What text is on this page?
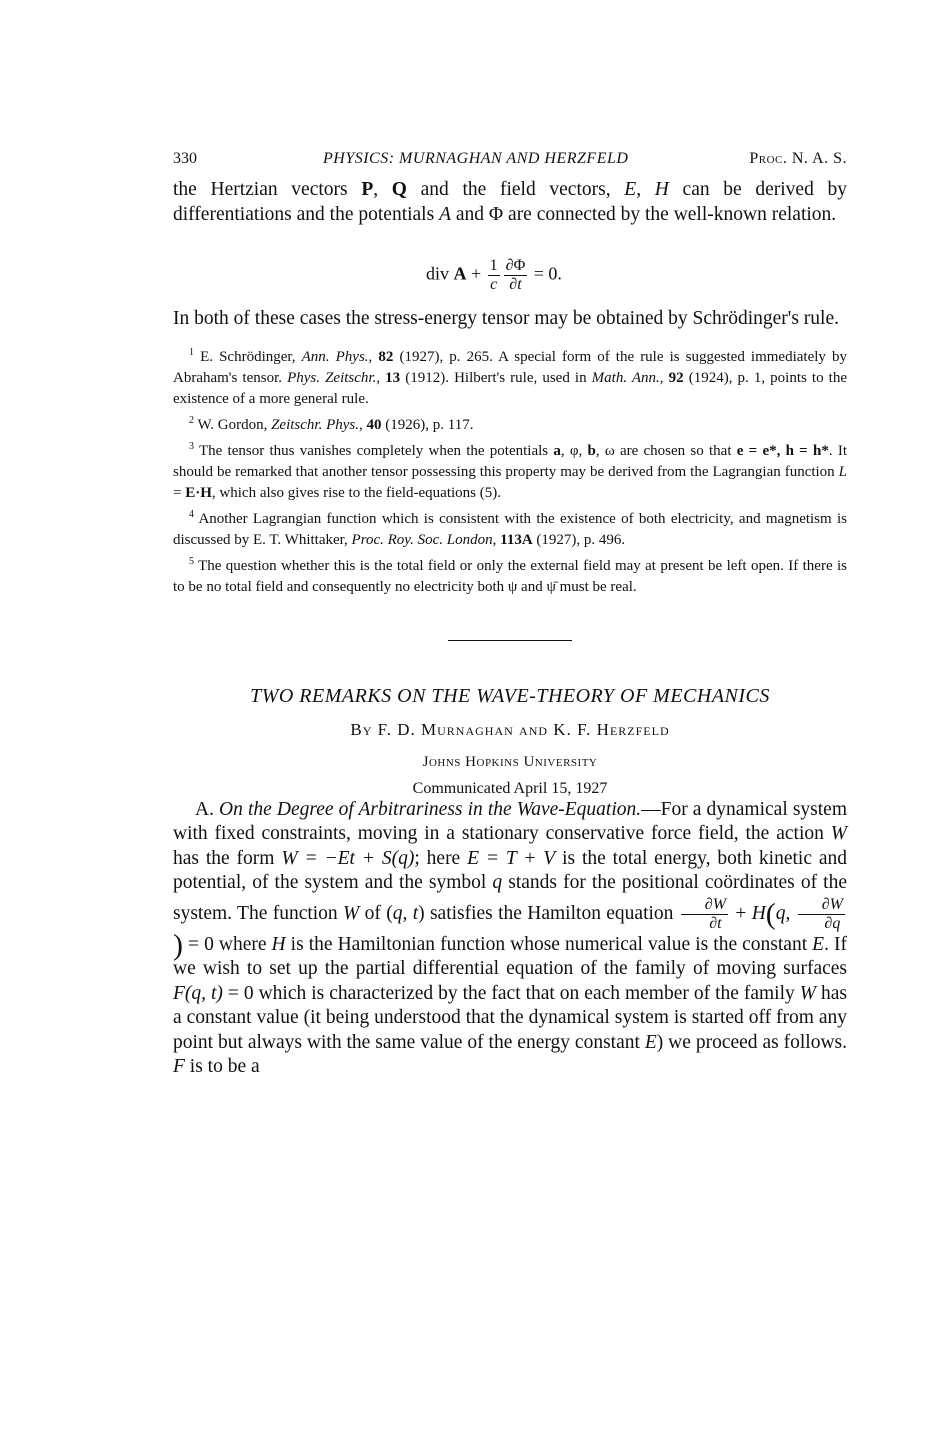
330	PHYSICS: MURNAGHAN AND HERZFELD	Proc. N. A. S.

the Hertzian vectors P, Q and the field vectors, E, H can be derived by differentiations and the potentials A and Φ are connected by the well-known relation.

div $A + \frac{1}{c} \frac{\partial\Phi}{\partial t} = 0$.

In both of these cases the stress-energy tensor may be obtained by Schrödinger's rule.

$^1$ E. Schrödinger, Ann. Phys., 82 (1927), p. 265. A special form of the rule is suggested immediately by Abraham's tensor. Phys. Zeitschr., 13 (1912). Hilbert's rule, used in Math. Ann., 92 (1924), p. 1, points to the existence of a more general rule.

$^2$ W. Gordon, Zeitschr. Phys., 40 (1926), p. 117.

$^3$ The tensor thus vanishes completely when the potentials a, φ, b, ω are chosen so that e = e*, h = h*. It should be remarked that another tensor possessing this property may be derived from the Lagrangian function L = E·H, which also gives rise to the field-equations (5).

$^4$ Another Lagrangian function which is consistent with the existence of both electricity, and magnetism is discussed by E. T. Whittaker, Proc. Roy. Soc. London, 113A (1927), p. 496.

$^5$ The question whether this is the total field or only the external field may at present be left open. If there is to be no total field and consequently no electricity both ψ and ψ̄ must be real.

TWO REMARKS ON THE WAVE-THEORY OF MECHANICS
By F. D. Murnaghan and K. F. Herzfeld
Johns Hopkins University
Communicated April 15, 1927

A. On the Degree of Arbitrariness in the Wave-Equation.—For a dynamical system with fixed constraints, moving in a stationary conservative force field, the action W has the form W = −Et + S(q); here E = T + V is the total energy, both kinetic and potential, of the system and the symbol q stands for the positional coördinates of the system. The function W of (q, t) satisfies the Hamilton equation $\frac{\partial W}{\partial t} + H(q$, $\frac{\partial W}{\partial q}$
) = 0 where H is the Hamiltonian function whose numerical value is the constant E. If we wish to set up the partial differential equation of the family of moving surfaces F(q, t) = 0 which is characterized by the fact that on each member of the family W has a constant value (it being understood that the dynamical system is started off from any point but always with the same value of the energy constant E) we proceed as follows. F is to be a
